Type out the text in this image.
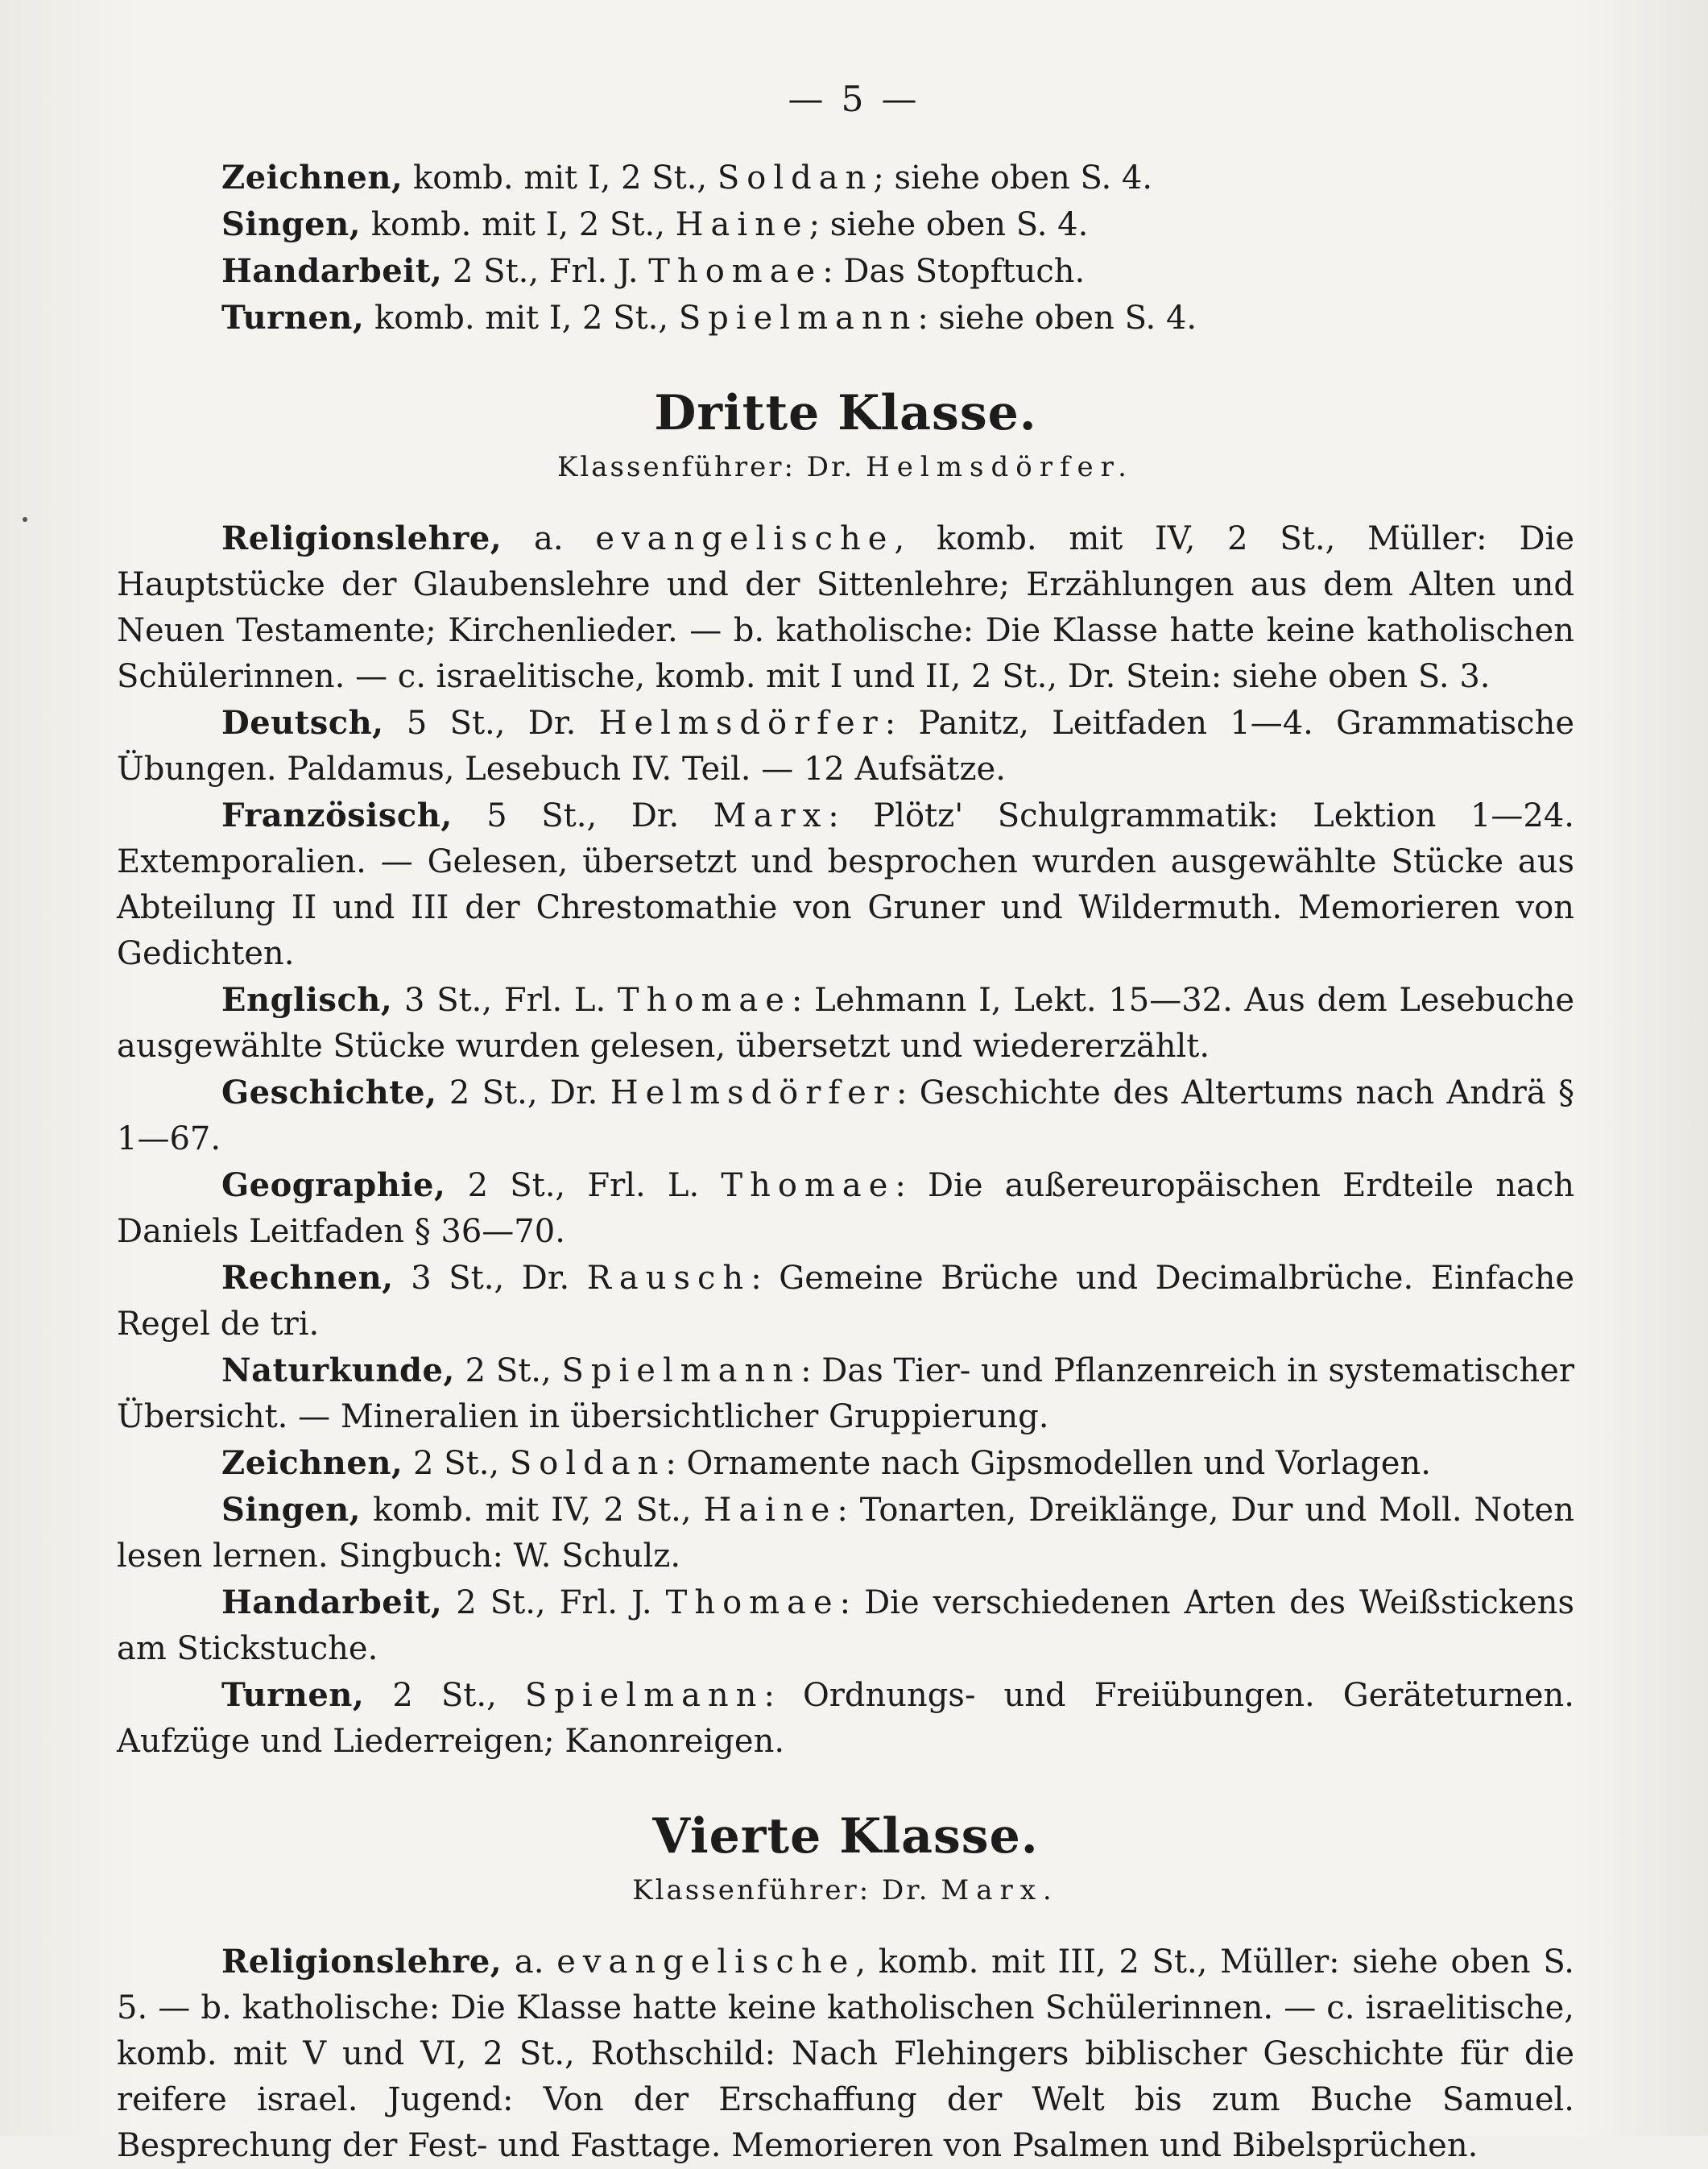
— 5 —

Zeichnen, komb. mit I, 2 St., Soldan; siehe oben S. 4.

Singen, komb. mit I, 2 St., Haine; siehe oben S. 4.

Handarbeit, 2 St., Frl. J. Thomae: Das Stopftuch.

Turnen, komb. mit I, 2 St., Spielmann: siehe oben S. 4.

Dritte Klasse.
Klassenführer: Dr. Helmsdörfer.

Religionslehre, a. evangelische, komb. mit IV, 2 St., Müller: Die Hauptstücke der Glaubenslehre und der Sittenlehre; Erzählungen aus dem Alten und Neuen Testamente; Kirchenlieder. — b. katholische: Die Klasse hatte keine katholischen Schülerinnen. — c. israelitische, komb. mit I und II, 2 St., Dr. Stein: siehe oben S. 3.

Deutsch, 5 St., Dr. Helmsdörfer: Panitz, Leitfaden 1—4. Grammatische Übungen. Paldamus, Lesebuch IV. Teil. — 12 Aufsätze.

Französisch, 5 St., Dr. Marx: Plötz' Schulgrammatik: Lektion 1—24. Extemporalien. — Gelesen, übersetzt und besprochen wurden ausgewählte Stücke aus Abteilung II und III der Chrestomathie von Gruner und Wildermuth. Memorieren von Gedichten.

Englisch, 3 St., Frl. L. Thomae: Lehmann I, Lekt. 15—32. Aus dem Lesebuche ausgewählte Stücke wurden gelesen, übersetzt und wiedererzählt.

Geschichte, 2 St., Dr. Helmsdörfer: Geschichte des Altertums nach Andrä § 1—67.

Geographie, 2 St., Frl. L. Thomae: Die außereuropäischen Erdteile nach Daniels Leitfaden § 36—70.

Rechnen, 3 St., Dr. Rausch: Gemeine Brüche und Decimalbrüche. Einfache Regel de tri.

Naturkunde, 2 St., Spielmann: Das Tier- und Pflanzenreich in systematischer Übersicht. — Mineralien in übersichtlicher Gruppierung.

Zeichnen, 2 St., Soldan: Ornamente nach Gipsmodellen und Vorlagen.

Singen, komb. mit IV, 2 St., Haine: Tonarten, Dreiklänge, Dur und Moll. Noten lesen lernen. Singbuch: W. Schulz.

Handarbeit, 2 St., Frl. J. Thomae: Die verschiedenen Arten des Weißstickens am Stickstuche.

Turnen, 2 St., Spielmann: Ordnungs- und Freiübungen. Geräteturnen. Aufzüge und Liederreigen; Kanonreigen.

Vierte Klasse.
Klassenführer: Dr. Marx.

Religionslehre, a. evangelische, komb. mit III, 2 St., Müller: siehe oben S. 5. — b. katholische: Die Klasse hatte keine katholischen Schülerinnen. — c. israelitische, komb. mit V und VI, 2 St., Rothschild: Nach Flehingers biblischer Geschichte für die reifere israel. Jugend: Von der Erschaffung der Welt bis zum Buche Samuel. Besprechung der Fest- und Fasttage. Memorieren von Psalmen und Bibelsprüchen.
